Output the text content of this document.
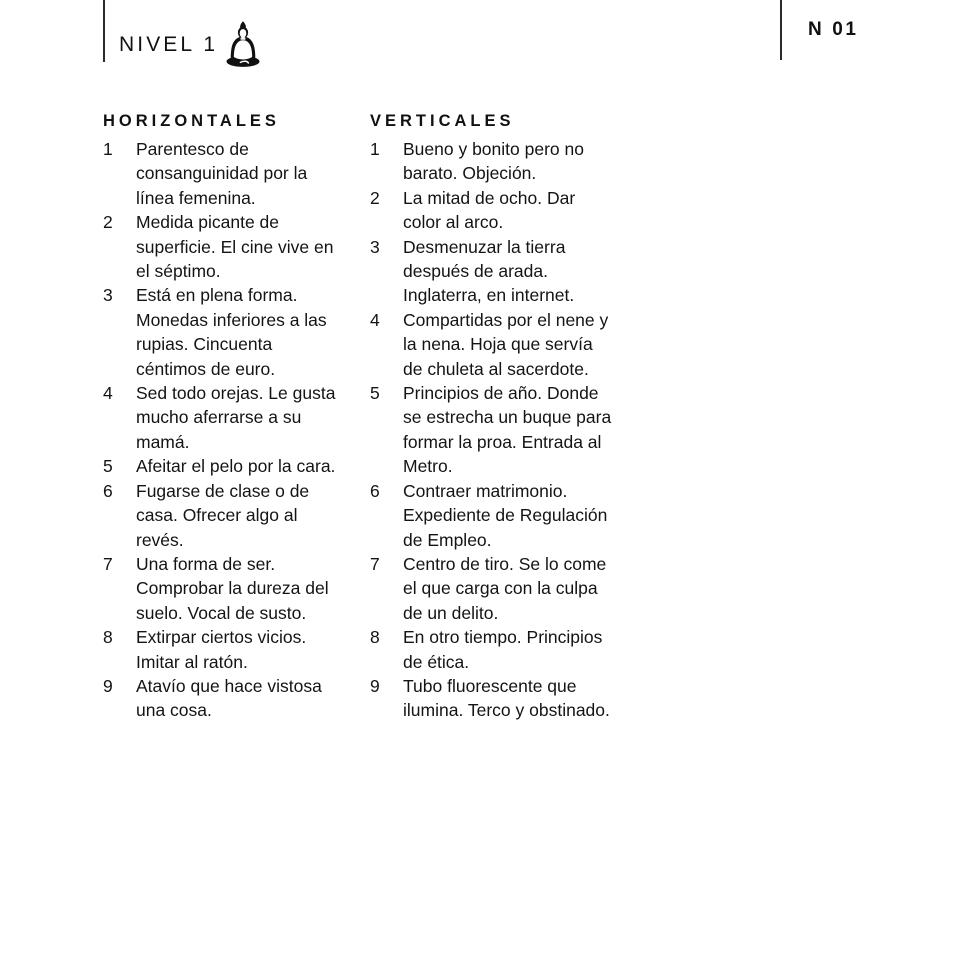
NIVEL 1
N 01
HORIZONTALES
1	Parentesco de consanguinidad por la línea femenina.
2	Medida picante de superficie. El cine vive en el séptimo.
3	Está en plena forma. Monedas inferiores a las rupias. Cincuenta céntimos de euro.
4	Sed todo orejas. Le gusta mucho aferrarse a su mamá.
5	Afeitar el pelo por la cara.
6	Fugarse de clase o de casa. Ofrecer algo al revés.
7	Una forma de ser. Comprobar la dureza del suelo. Vocal de susto.
8	Extirpar ciertos vicios. Imitar al ratón.
9	Atavío que hace vistosa una cosa.
VERTICALES
1	Bueno y bonito pero no barato. Objeción.
2	La mitad de ocho. Dar color al arco.
3	Desmenuzar la tierra después de arada. Inglaterra, en internet.
4	Compartidas por el nene y la nena. Hoja que servía de chuleta al sacerdote.
5	Principios de año. Donde se estrecha un buque para formar la proa. Entrada al Metro.
6	Contraer matrimonio. Expediente de Regulación de Empleo.
7	Centro de tiro. Se lo come el que carga con la culpa de un delito.
8	En otro tiempo. Principios de ética.
9	Tubo fluorescente que ilumina. Terco y obstinado.
